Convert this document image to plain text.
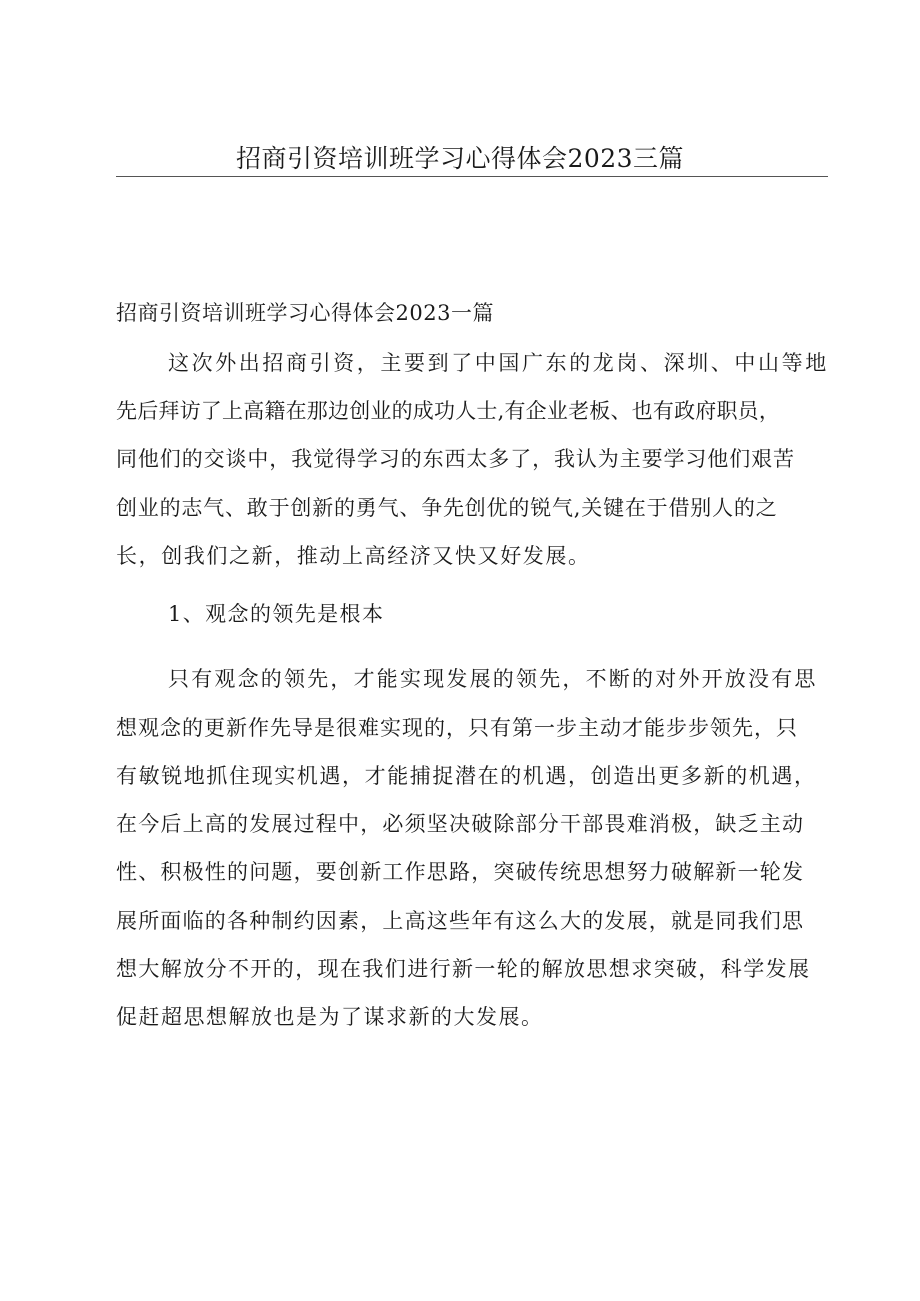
招商引资培训班学习心得体会2023三篇
招商引资培训班学习心得体会2023一篇
这次外出招商引资，主要到了中国广东的龙岗、深圳、中山等地
先后拜访了上高籍在那边创业的成功人士,有企业老板、也有政府职员，
同他们的交谈中，我觉得学习的东西太多了，我认为主要学习他们艰苦
创业的志气、敢于创新的勇气、争先创优的锐气,关键在于借别人的之
长，创我们之新，推动上高经济又快又好发展。
1、观念的领先是根本
只有观念的领先，才能实现发展的领先，不断的对外开放没有思
想观念的更新作先导是很难实现的，只有第一步主动才能步步领先，只
有敏锐地抓住现实机遇，才能捕捉潜在的机遇，创造出更多新的机遇，
在今后上高的发展过程中，必须坚决破除部分干部畏难消极，缺乏主动
性、积极性的问题，要创新工作思路，突破传统思想努力破解新一轮发
展所面临的各种制约因素，上高这些年有这么大的发展，就是同我们思
想大解放分不开的，现在我们进行新一轮的解放思想求突破，科学发展
促赶超思想解放也是为了谋求新的大发展。
